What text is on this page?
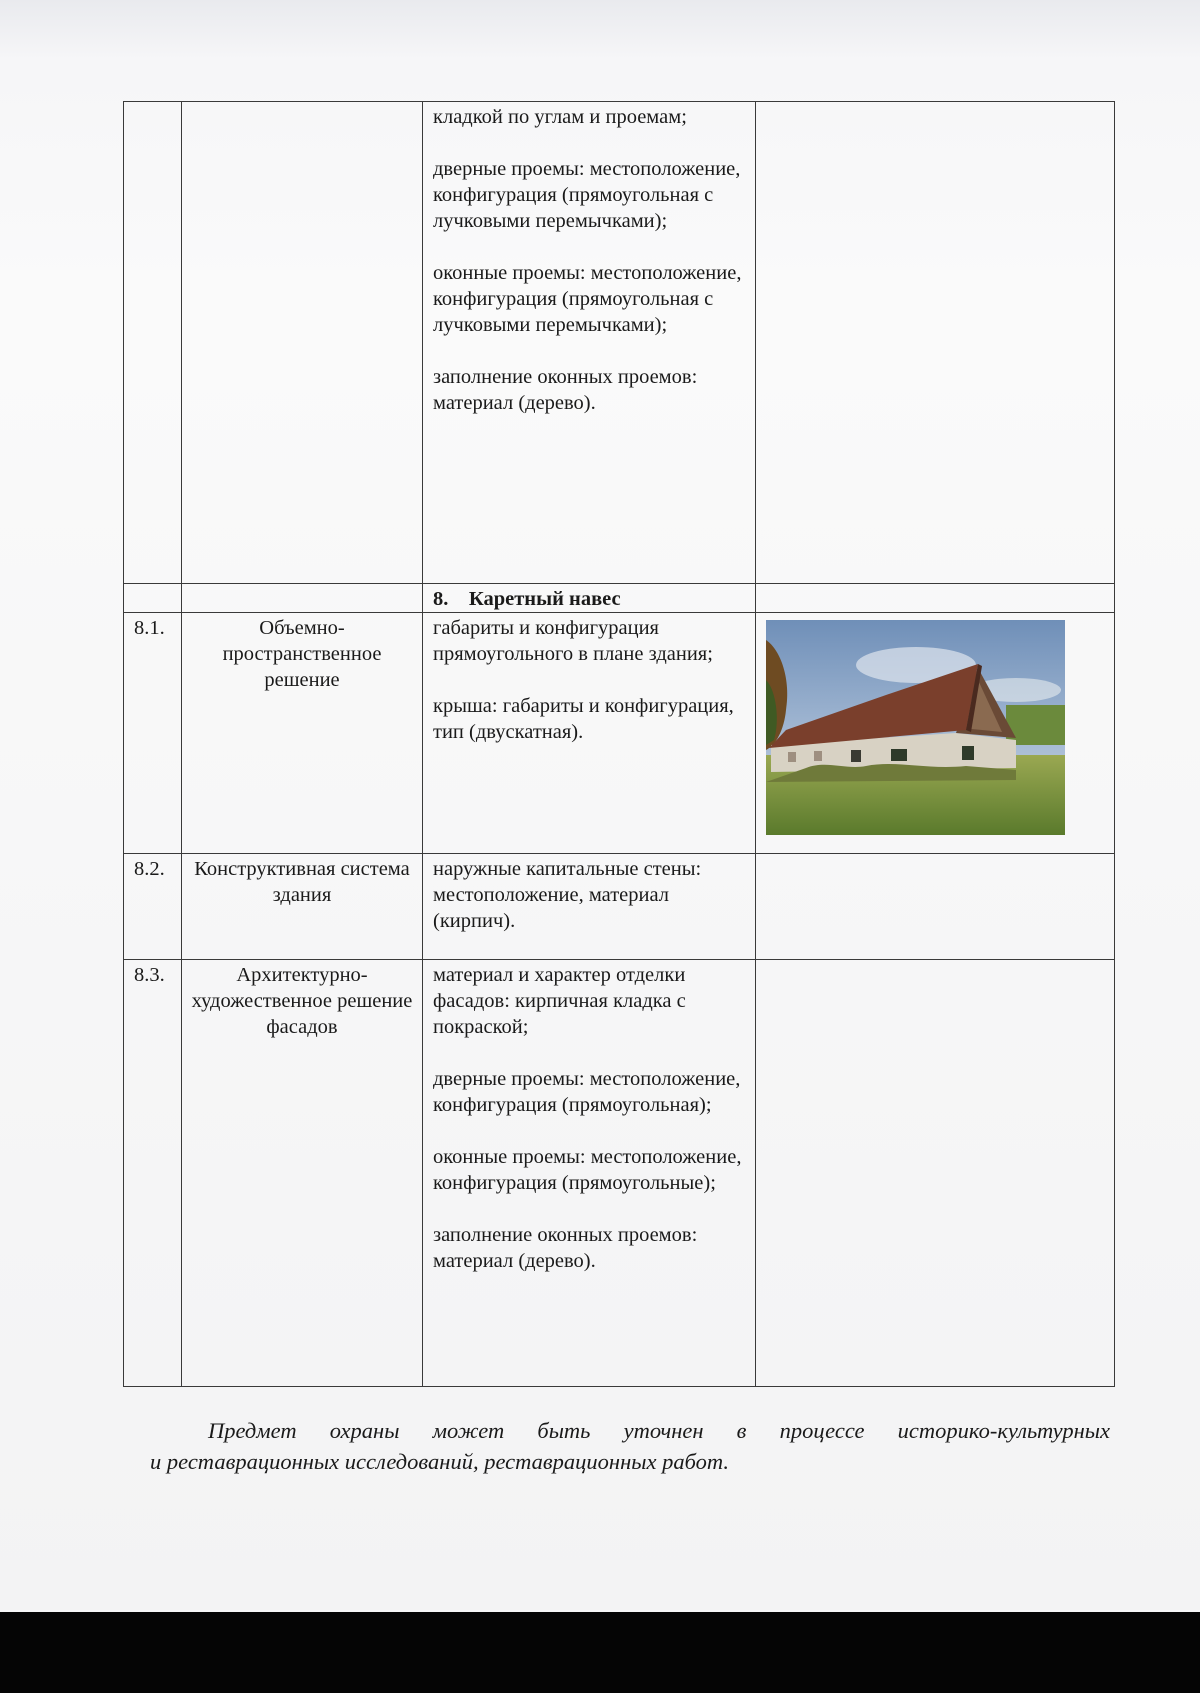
		кладкой по углам и проемам;

дверные проемы: местоположение, конфигурация (прямоугольная с лучковыми перемычками);

оконные проемы: местоположение, конфигурация (прямоугольная с лучковыми перемычками);

заполнение оконных проемов: материал (дерево).	

		8. Каретный навес	

8.1.	Объемно-пространственное решение	габариты и конфигурация прямоугольного в плане здания;

крыша: габариты и конфигурация, тип (двускатная).

8.2.	Конструктивная система здания	наружные капитальные стены: местоположение, материал (кирпич).	

8.3.	Архитектурно-художественное решение фасадов	материал и характер отделки фасадов: кирпичная кладка с покраской;

дверные проемы: местоположение, конфигурация (прямоугольная);

оконные проемы: местоположение, конфигурация (прямоугольные);

заполнение оконных проемов: материал (дерево).	

Предмет охраны может быть уточнен в процессе историко-культурных
и реставрационных исследований, реставрационных работ.
